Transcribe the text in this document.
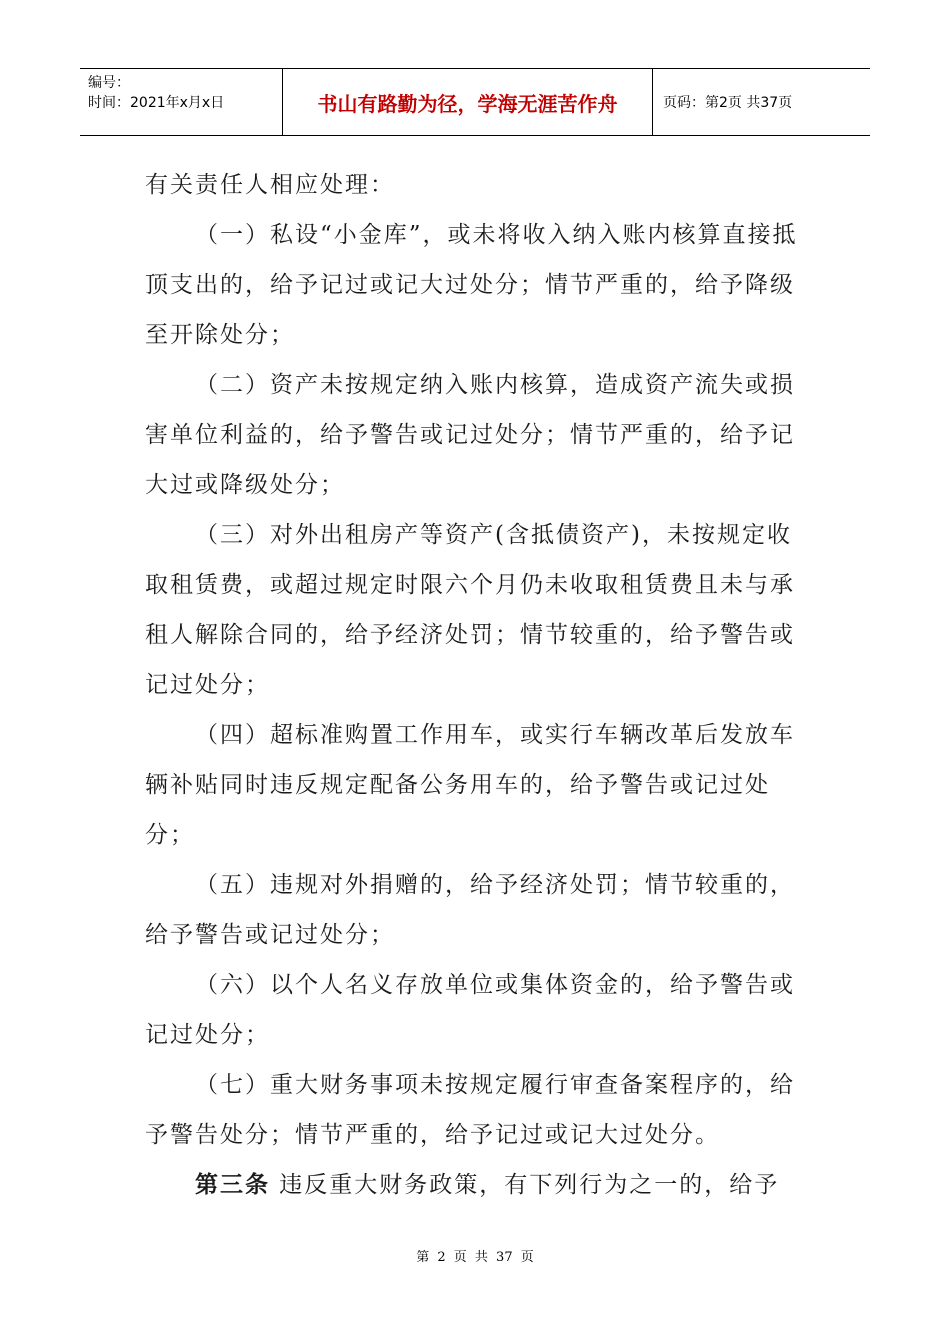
编号：
时间：2021年x月x日	书山有路勤为径，学海无涯苦作舟	页码：第2页 共37页

有关责任人相应处理：

（一）私设“小金库”，或未将收入纳入账内核算直接抵顶支出的，给予记过或记大过处分；情节严重的，给予降级至开除处分；

（二）资产未按规定纳入账内核算，造成资产流失或损害单位利益的，给予警告或记过处分；情节严重的，给予记大过或降级处分；

（三）对外出租房产等资产(含抵债资产)，未按规定收取租赁费，或超过规定时限六个月仍未收取租赁费且未与承租人解除合同的，给予经济处罚；情节较重的，给予警告或记过处分；

（四）超标准购置工作用车，或实行车辆改革后发放车辆补贴同时违反规定配备公务用车的，给予警告或记过处分；

（五）违规对外捐赠的，给予经济处罚；情节较重的，给予警告或记过处分；

（六）以个人名义存放单位或集体资金的，给予警告或记过处分；

（七）重大财务事项未按规定履行审查备案程序的，给予警告处分；情节严重的，给予记过或记大过处分。

第三条 违反重大财务政策，有下列行为之一的，给予

第 2 页 共 37 页
